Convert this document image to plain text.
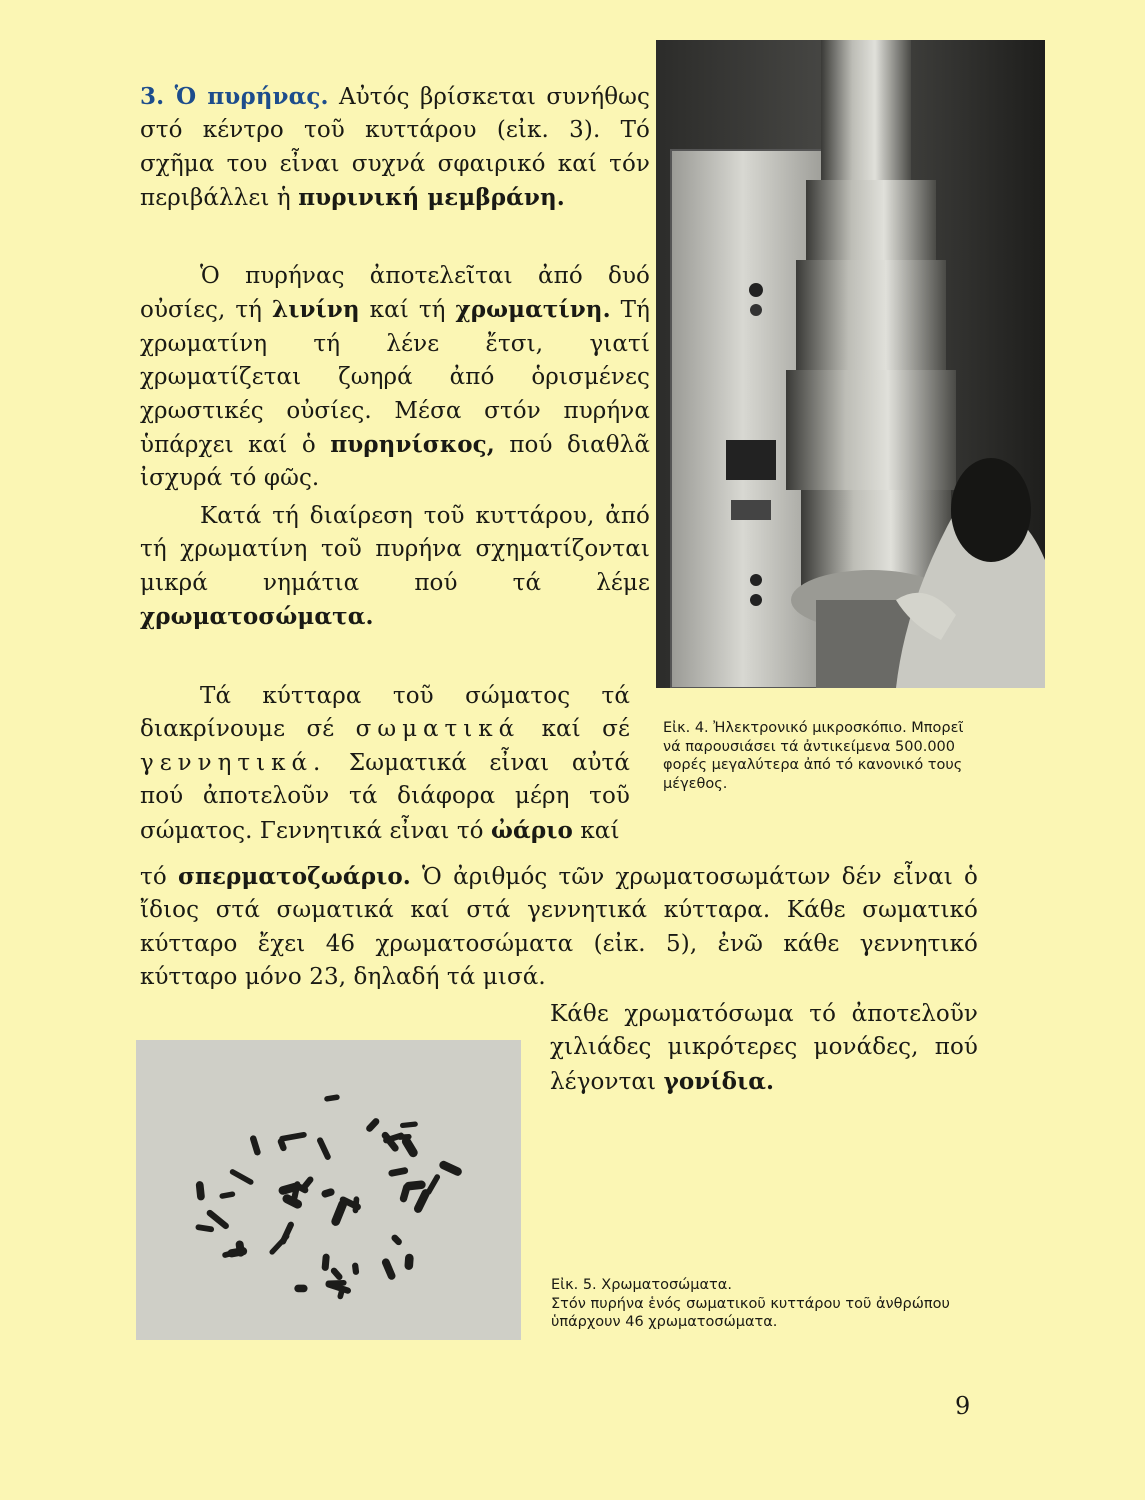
3. Ὁ πυρήνας. Αὐτός βρίσκεται συνήθως στό κέντρο τοῦ κυττάρου (εἰκ. 3). Τό σχῆμα του εἶναι συχνά σφαιρικό καί τόν περιβάλλει ἡ πυρινική μεμβράνη.
Ὁ πυρήνας ἀποτελεῖται ἀπό δυό οὐσίες, τή λινίνη καί τή χρωματίνη. Τή χρωματίνη τή λένε ἔτσι, γιατί χρωματίζεται ζωηρά ἀπό ὁρισμένες χρωστικές οὐσίες. Μέσα στόν πυρήνα ὑπάρχει καί ὁ πυρηνίσκος, πού διαθλᾶ ἰσχυρά τό φῶς.
Κατά τή διαίρεση τοῦ κυττάρου, ἀπό τή χρωματίνη τοῦ πυρήνα σχηματίζονται μικρά νημάτια πού τά λέμε χρωματοσώματα.
Τά κύτταρα τοῦ σώματος τά διακρίνουμε σέ σωματικά καί σέ γεννητικά. Σωματικά εἶναι αὐτά πού ἀποτελοῦν τά διάφορα μέρη τοῦ σώματος. Γεννητικά εἶναι τό ὠάριο καί
Εἰκ. 4. Ἠλεκτρονικό μικροσκόπιο. Μπορεῖ νά παρουσιάσει τά ἀντικείμενα 500.000 φορές μεγαλύτερα ἀπό τό κανονικό τους μέγεθος.
τό σπερματοζωάριο. Ὁ ἀριθμός τῶν χρωματοσωμάτων δέν εἶναι ὁ ἴδιος στά σωματικά καί στά γεννητικά κύτταρα. Κάθε σωματικό κύτταρο ἔχει 46 χρωματοσώματα (εἰκ. 5), ἐνῶ κάθε γεννητικό κύτταρο μόνο 23, δηλαδή τά μισά.
Κάθε χρωματόσωμα τό ἀποτελοῦν χιλιάδες μικρότερες μονάδες, πού λέγονται γονίδια.
Εἰκ. 5. Χρωματοσώματα.
Στόν πυρήνα ἑνός σωματικοῦ κυττάρου τοῦ ἀνθρώπου ὑπάρχουν 46 χρωματοσώματα.
9
